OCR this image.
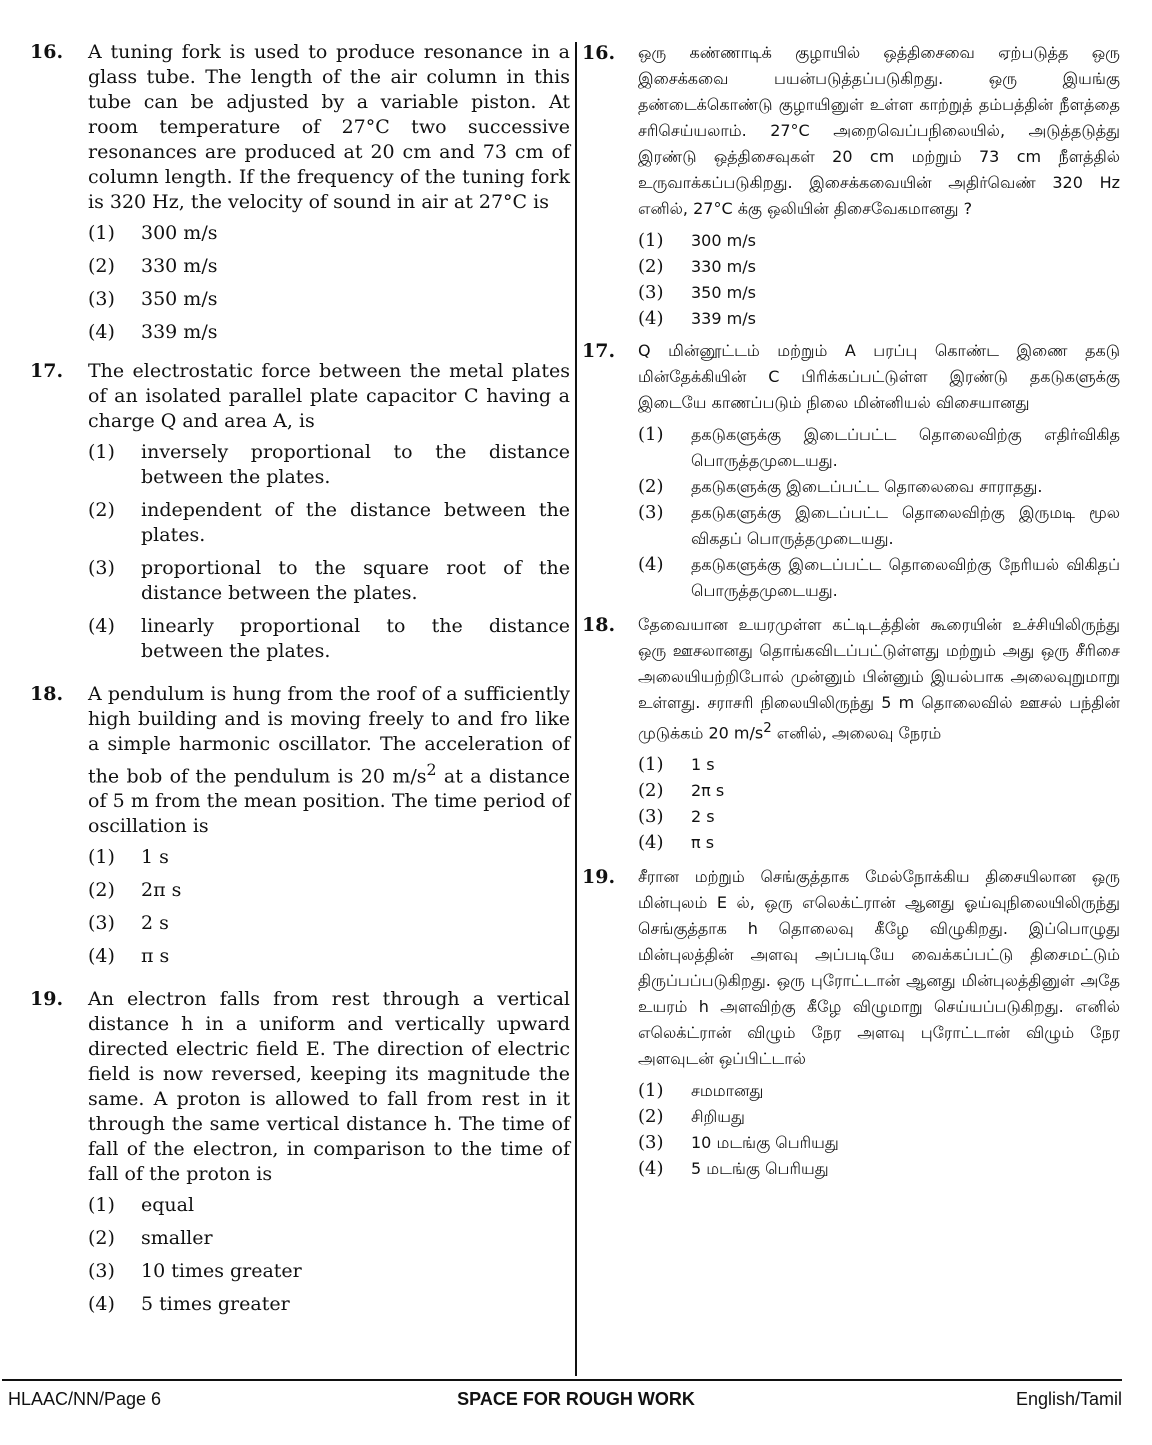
16. A tuning fork is used to produce resonance in a glass tube. The length of the air column in this tube can be adjusted by a variable piston. At room temperature of 27°C two successive resonances are produced at 20 cm and 73 cm of column length. If the frequency of the tuning fork is 320 Hz, the velocity of sound in air at 27°C is
(1)	300 m/s
(2)	330 m/s
(3)	350 m/s
(4)	339 m/s
17. The electrostatic force between the metal plates of an isolated parallel plate capacitor C having a charge Q and area A, is
(1)	inversely proportional to the distance between the plates.
(2)	independent of the distance between the plates.
(3)	proportional to the square root of the distance between the plates.
(4)	linearly proportional to the distance between the plates.
18. A pendulum is hung from the roof of a sufficiently high building and is moving freely to and fro like a simple harmonic oscillator. The acceleration of the bob of the pendulum is 20 $m/s^2$ at a distance of 5 m from the mean position. The time period of oscillation is
(1)	1 s
(2)	2π s
(3)	2 s
(4)	π s
19. An electron falls from rest through a vertical distance h in a uniform and vertically upward directed electric field E. The direction of electric field is now reversed, keeping its magnitude the same. A proton is allowed to fall from rest in it through the same vertical distance h. The time of fall of the electron, in comparison to the time of fall of the proton is
(1)	equal
(2)	smaller
(3)	10 times greater
(4)	5 times greater
16. ஒரு கண்ணாடிக் குழாயில் ஒத்திசைவை ஏற்படுத்த ஒரு இசைக்கவை பயன்படுத்தப்படுகிறது. ஒரு இயங்கு தண்டைக்கொண்டு குழாயினுள் உள்ள காற்றுத் தம்பத்தின் நீளத்தை சரிசெய்யலாம். 27°C அறைவெப்பநிலையில், அடுத்தடுத்து இரண்டு ஒத்திசைவுகள் 20 cm மற்றும் 73 cm நீளத்தில் உருவாக்கப்படுகிறது. இசைக்கவையின் அதிர்வெண் 320 Hz எனில், 27°C க்கு ஒலியின் திசைவேகமானது ?
(1)	300 m/s
(2)	330 m/s
(3)	350 m/s
(4)	339 m/s
17. Q மின்னூட்டம் மற்றும் A பரப்பு கொண்ட இணை தகடு மின்தேக்கியின் C பிரிக்கப்பட்டுள்ள இரண்டு தகடுகளுக்கு இடையே காணப்படும் நிலை மின்னியல் விசையானது
(1)	தகடுகளுக்கு இடைப்பட்ட தொலைவிற்கு எதிர்விகித பொருத்தமுடையது.
(2)	தகடுகளுக்கு இடைப்பட்ட தொலைவை சாராதது.
(3)	தகடுகளுக்கு இடைப்பட்ட தொலைவிற்கு இருமடி மூல விகதப் பொருத்தமுடையது.
(4)	தகடுகளுக்கு இடைப்பட்ட தொலைவிற்கு நேரியல் விகிதப் பொருத்தமுடையது.
18. தேவையான உயரமுள்ள கட்டிடத்தின் கூரையின் உச்சியிலிருந்து ஒரு ஊசலானது தொங்கவிடப்பட்டுள்ளது மற்றும் அது ஒரு சீரிசை அலையியற்றிபோல் முன்னும் பின்னும் இயல்பாக அலைவுறுமாறு உள்ளது. சராசரி நிலையிலிருந்து 5 m தொலைவில் ஊசல் பந்தின் முடுக்கம் 20 $m/s^2$ எனில், அலைவு நேரம்
(1)	1 s
(2)	2π s
(3)	2 s
(4)	π s
19. சீரான மற்றும் செங்குத்தாக மேல்நோக்கிய திசையிலான ஒரு மின்புலம் E ல், ஒரு எலெக்ட்ரான் ஆனது ஓய்வுநிலையிலிருந்து செங்குத்தாக h தொலைவு கீழே விழுகிறது. இப்பொழுது மின்புலத்தின் அளவு அப்படியே வைக்கப்பட்டு திசைமட்டும் திருப்பப்படுகிறது. ஒரு புரோட்டான் ஆனது மின்புலத்தினுள் அதே உயரம் h அளவிற்கு கீழே விழுமாறு செய்யப்படுகிறது. எனில் எலெக்ட்ரான் விழும் நேர அளவு புரோட்டான் விழும் நேர அளவுடன் ஒப்பிட்டால்
(1)	சமமானது
(2)	சிறியது
(3)	10 மடங்கு பெரியது
(4)	5 மடங்கு பெரியது
HLAAC/NN/Page 6	SPACE FOR ROUGH WORK	English/Tamil
